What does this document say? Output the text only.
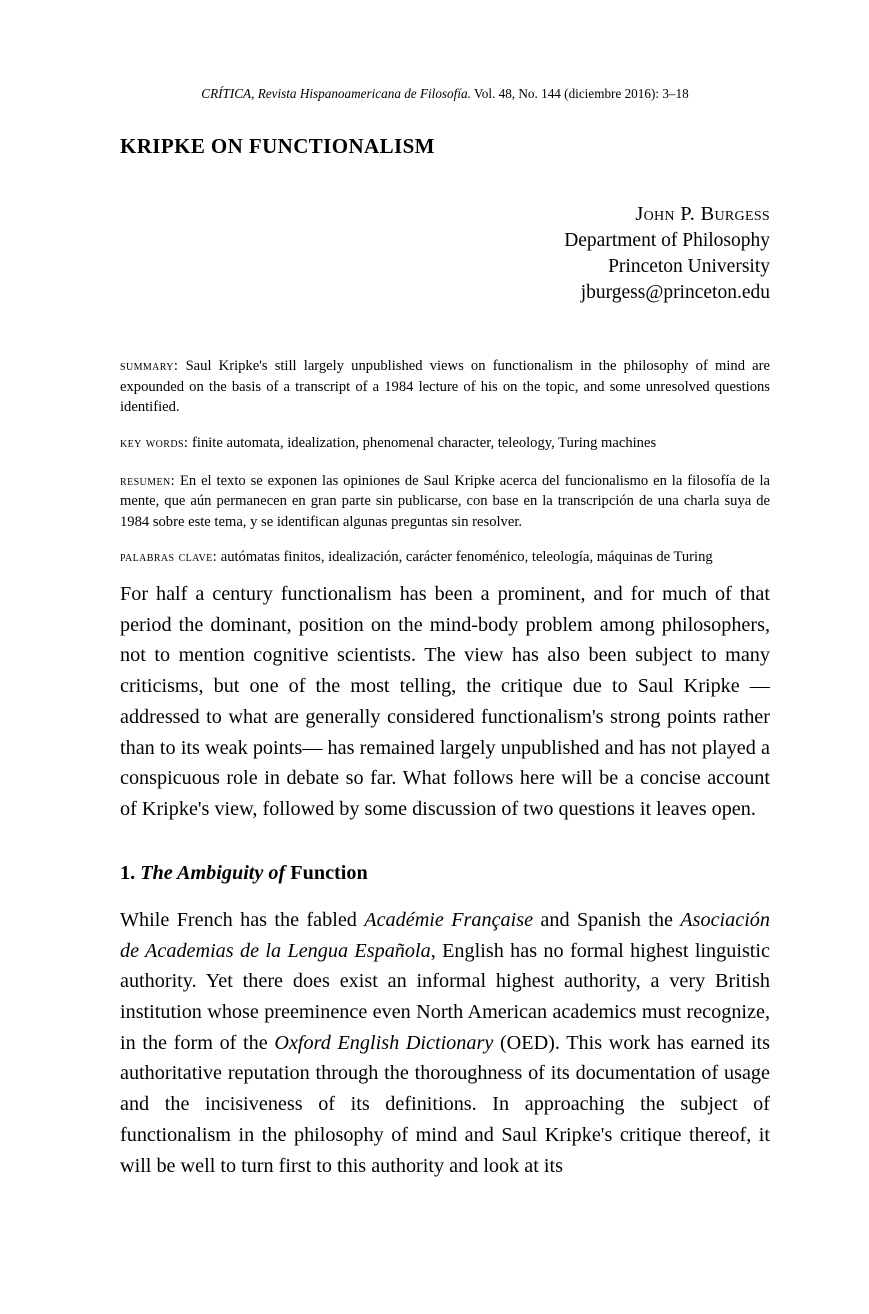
CRÍTICA, Revista Hispanoamericana de Filosofía. Vol. 48, No. 144 (diciembre 2016): 3–18
KRIPKE ON FUNCTIONALISM
John P. Burgess
Department of Philosophy
Princeton University
jburgess@princeton.edu

summary: Saul Kripke's still largely unpublished views on functionalism in the philosophy of mind are expounded on the basis of a transcript of a 1984 lecture of his on the topic, and some unresolved questions identified.

key words: finite automata, idealization, phenomenal character, teleology, Turing machines

resumen: En el texto se exponen las opiniones de Saul Kripke acerca del funcionalismo en la filosofía de la mente, que aún permanecen en gran parte sin publicarse, con base en la transcripción de una charla suya de 1984 sobre este tema, y se identifican algunas preguntas sin resolver.

palabras clave: autómatas finitos, idealización, carácter fenoménico, teleología, máquinas de Turing

For half a century functionalism has been a prominent, and for much of that period the dominant, position on the mind-body problem among philosophers, not to mention cognitive scientists. The view has also been subject to many criticisms, but one of the most telling, the critique due to Saul Kripke —addressed to what are generally considered functionalism's strong points rather than to its weak points— has remained largely unpublished and has not played a conspicuous role in debate so far. What follows here will be a concise account of Kripke's view, followed by some discussion of two questions it leaves open.

1. The Ambiguity of Function

While French has the fabled Académie Française and Spanish the Asociación de Academias de la Lengua Española, English has no formal highest linguistic authority. Yet there does exist an informal highest authority, a very British institution whose preeminence even North American academics must recognize, in the form of the Oxford English Dictionary (OED). This work has earned its authoritative reputation through the thoroughness of its documentation of usage and the incisiveness of its definitions. In approaching the subject of functionalism in the philosophy of mind and Saul Kripke's critique thereof, it will be well to turn first to this authority and look at its
